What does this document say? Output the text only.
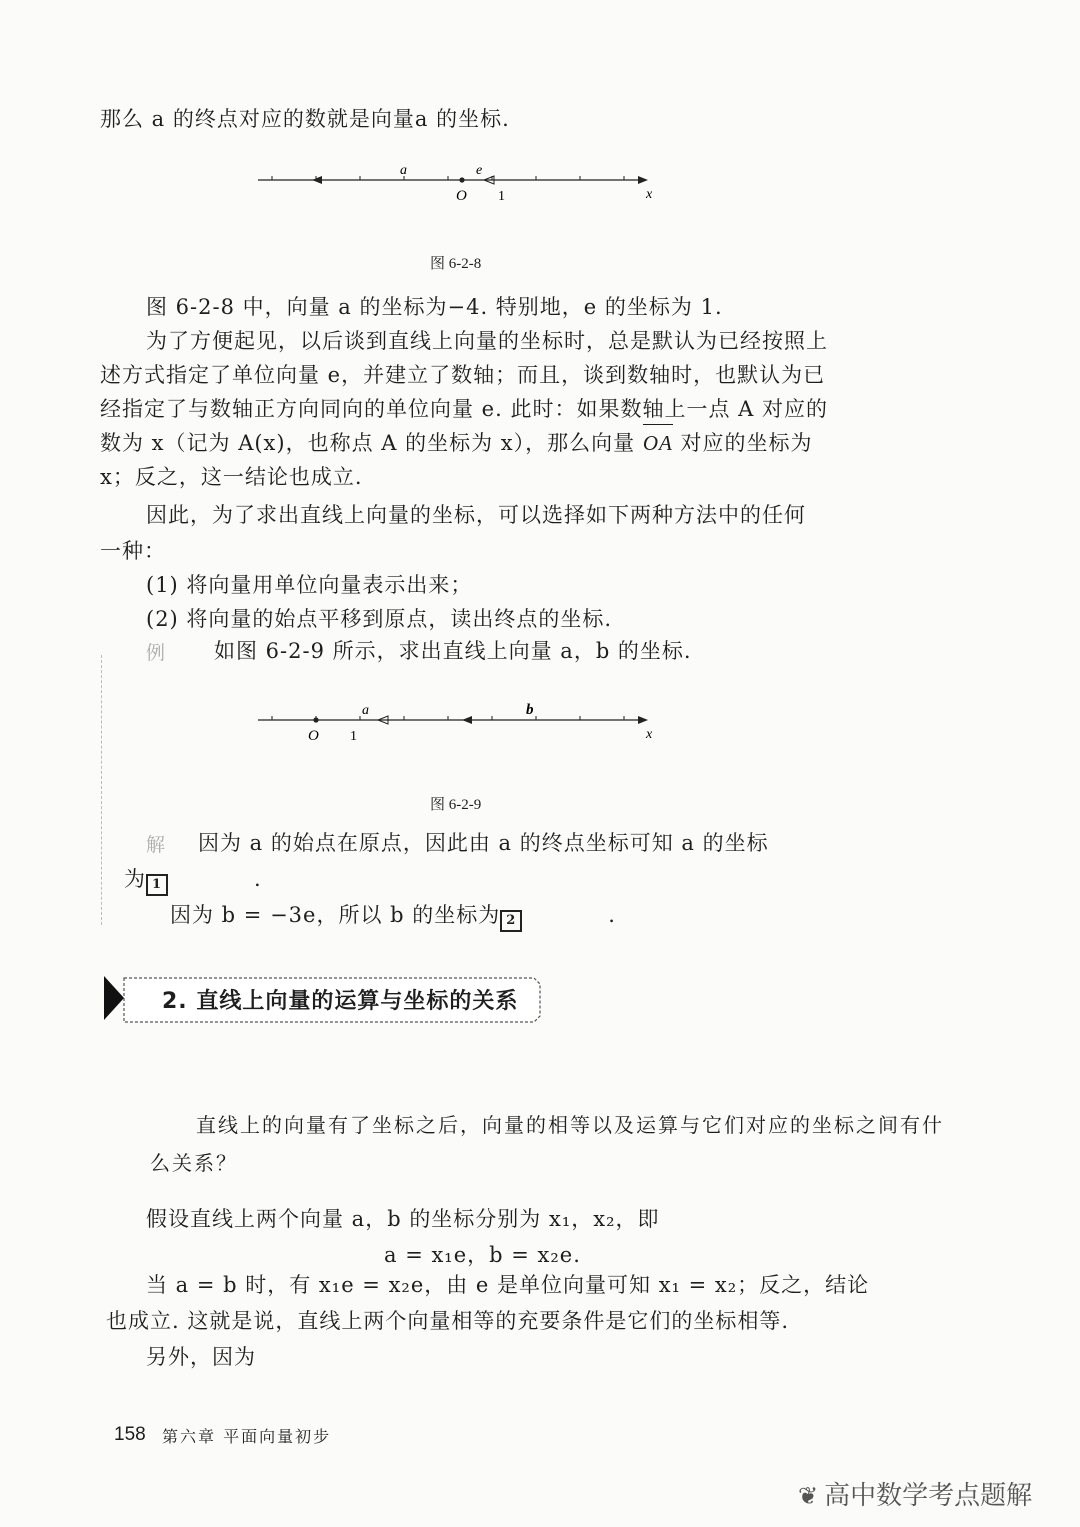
那么 a 的终点对应的数就是向量a 的坐标.
a	e
O 1	x
图 6-2-8
图 6-2-8 中，向量 a 的坐标为−4. 特别地，e 的坐标为 1.
为了方便起见，以后谈到直线上向量的坐标时，总是默认为已经按照上
述方式指定了单位向量 e，并建立了数轴；而且，谈到数轴时，也默认为已
经指定了与数轴正方向同向的单位向量 e. 此时：如果数轴上一点 A 对应的
数为 x（记为 A(x)，也称点 A 的坐标为 x），那么向量 OA 对应的坐标为
x；反之，这一结论也成立.
因此，为了求出直线上向量的坐标，可以选择如下两种方法中的任何
一种：
(1) 将向量用单位向量表示出来；
(2) 将向量的始点平移到原点，读出终点的坐标.
例 如图 6-2-9 所示，求出直线上向量 a，b 的坐标.
a	b
O 1	x
图 6-2-9
解 因为 a 的始点在原点，因此由 a 的终点坐标可知 a 的坐标
为 1	.
因为 b = −3e，所以 b 的坐标为 2	.
2. 直线上向量的运算与坐标的关系
直线上的向量有了坐标之后，向量的相等以及运算与它们对应的坐标之间有什
么关系？
假设直线上两个向量 a，b 的坐标分别为 x₁，x₂，即
a = x₁e，b = x₂e.
当 a = b 时，有 x₁e = x₂e，由 e 是单位向量可知 x₁ = x₂；反之，结论
也成立. 这就是说，直线上两个向量相等的充要条件是它们的坐标相等.
另外，因为
158 第六章 平面向量初步
❦ 高中数学考点题解
